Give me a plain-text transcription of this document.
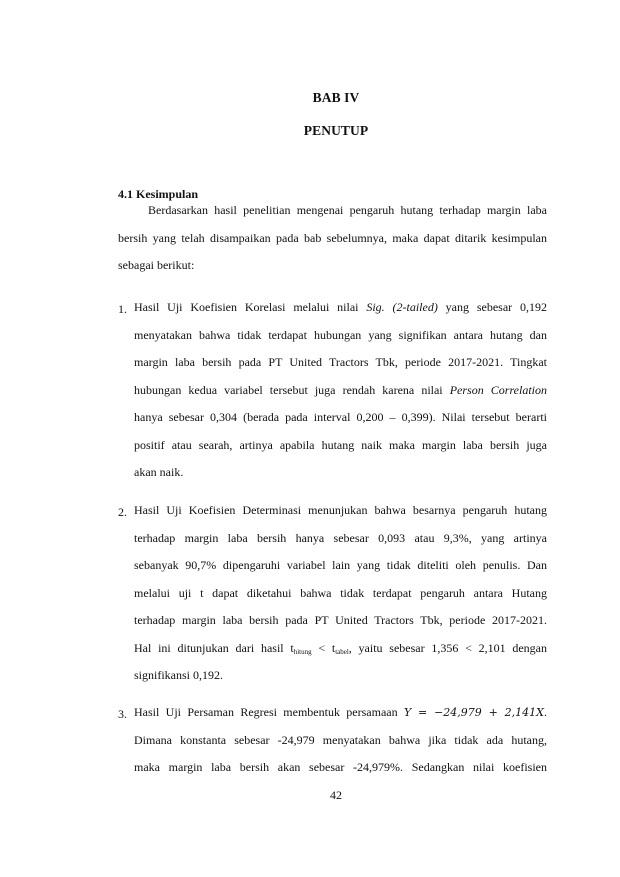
BAB IV
PENUTUP
4.1 Kesimpulan
Berdasarkan hasil penelitian mengenai pengaruh hutang terhadap margin laba
bersih yang telah disampaikan pada bab sebelumnya, maka dapat ditarik kesimpulan
sebagai berikut:
1. Hasil Uji Koefisien Korelasi melalui nilai Sig. (2-tailed) yang sebesar 0,192
menyatakan bahwa tidak terdapat hubungan yang signifikan antara hutang dan
margin laba bersih pada PT United Tractors Tbk, periode 2017-2021. Tingkat
hubungan kedua variabel tersebut juga rendah karena nilai Person Correlation
hanya sebesar 0,304 (berada pada interval 0,200 – 0,399). Nilai tersebut berarti
positif atau searah, artinya apabila hutang naik maka margin laba bersih juga
akan naik.
2. Hasil Uji Koefisien Determinasi menunjukan bahwa besarnya pengaruh hutang
terhadap margin laba bersih hanya sebesar 0,093 atau 9,3%, yang artinya
sebanyak 90,7% dipengaruhi variabel lain yang tidak diteliti oleh penulis. Dan
melalui uji t dapat diketahui bahwa tidak terdapat pengaruh antara Hutang
terhadap margin laba bersih pada PT United Tractors Tbk, periode 2017-2021.
Hal ini ditunjukan dari hasil $t_{hitung} < t_{tabel}$, yaitu sebesar 1,356 < 2,101 dengan
signifikansi 0,192.
3. Hasil Uji Persaman Regresi membentuk persamaan Y = −24,979 + 2,141X.
Dimana konstanta sebesar -24,979 menyatakan bahwa jika tidak ada hutang,
maka margin laba bersih akan sebesar -24,979%. Sedangkan nilai koefisien
42
